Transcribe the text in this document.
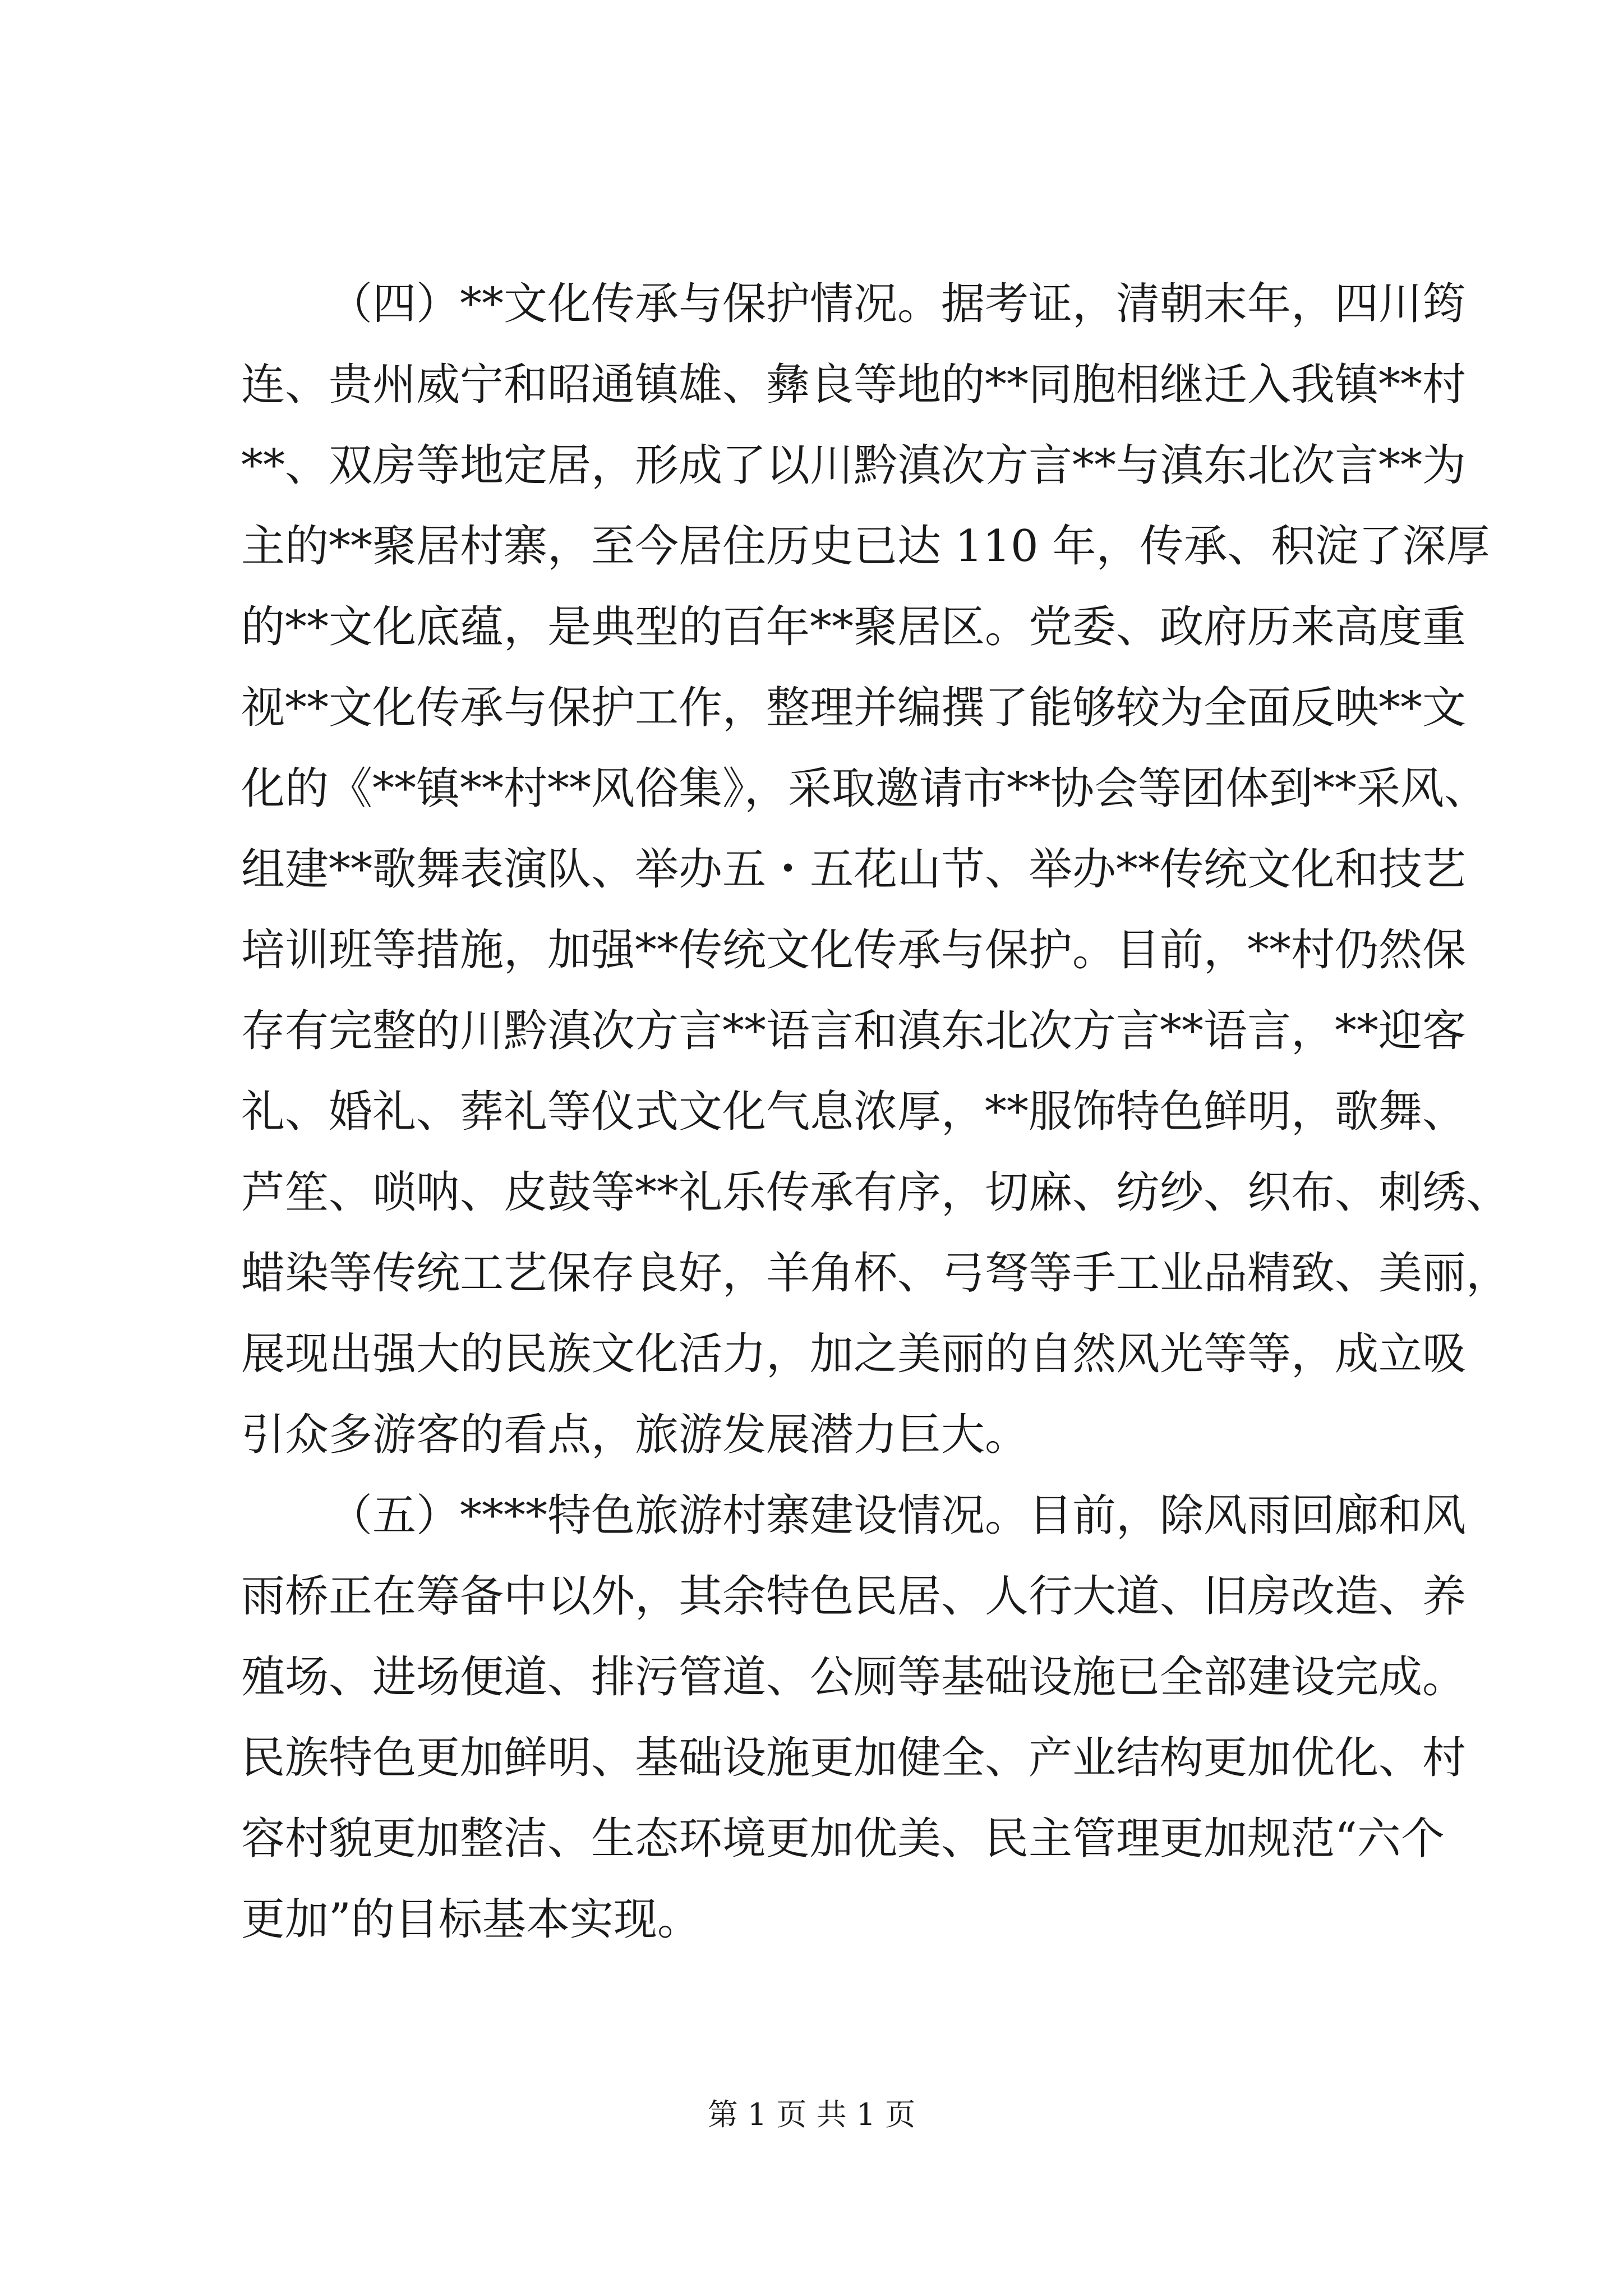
（四）**文化传承与保护情况。据考证，清朝末年，四川筠
连、贵州威宁和昭通镇雄、彝良等地的**同胞相继迁入我镇**村
**、双房等地定居，形成了以川黔滇次方言**与滇东北次言**为
主的**聚居村寨，至今居住历史已达 110 年，传承、积淀了深厚
的**文化底蕴，是典型的百年**聚居区。党委、政府历来高度重
视**文化传承与保护工作，整理并编撰了能够较为全面反映**文
化的《**镇**村**风俗集》，采取邀请市**协会等团体到**采风、
组建**歌舞表演队、举办五・五花山节、举办**传统文化和技艺
培训班等措施，加强**传统文化传承与保护。目前，**村仍然保
存有完整的川黔滇次方言**语言和滇东北次方言**语言，**迎客
礼、婚礼、葬礼等仪式文化气息浓厚，**服饰特色鲜明，歌舞、
芦笙、唢呐、皮鼓等**礼乐传承有序，切麻、纺纱、织布、刺绣、
蜡染等传统工艺保存良好，羊角杯、弓弩等手工业品精致、美丽，
展现出强大的民族文化活力，加之美丽的自然风光等等，成立吸
引众多游客的看点，旅游发展潜力巨大。
（五）****特色旅游村寨建设情况。目前，除风雨回廊和风
雨桥正在筹备中以外，其余特色民居、人行大道、旧房改造、养
殖场、进场便道、排污管道、公厕等基础设施已全部建设完成。
民族特色更加鲜明、基础设施更加健全、产业结构更加优化、村
容村貌更加整洁、生态环境更加优美、民主管理更加规范“六个
更加”的目标基本实现。
第 1 页 共 1 页
